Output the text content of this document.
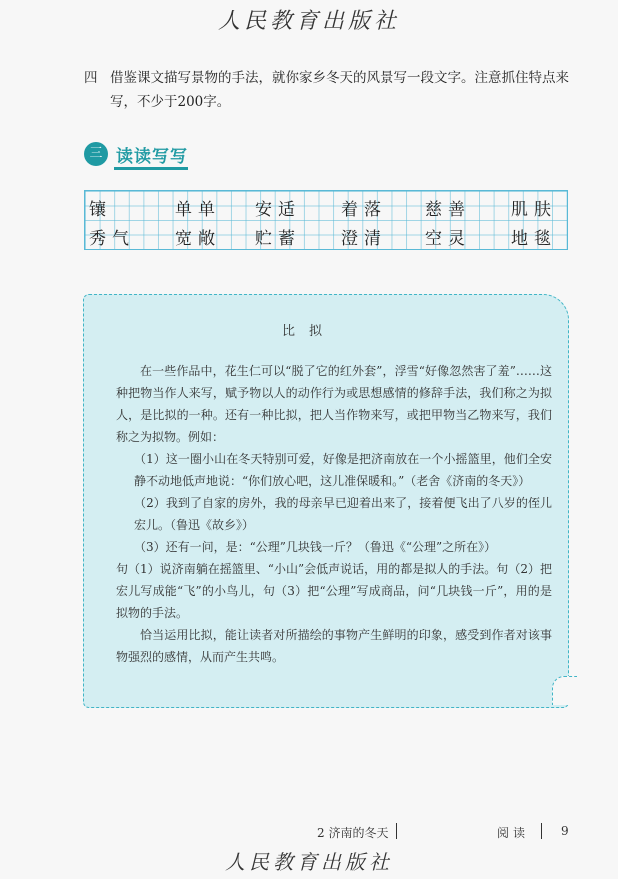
人民教育出版社
四 借鉴课文描写景物的手法，就你家乡冬天的风景写一段文字。注意抓住特点来写，不少于200字。
三 读读写写
镶	单单 安适 着落 慈善 肌肤
秀气 宽敞 贮蓄 澄清 空灵 地毯
比拟

在一些作品中，花生仁可以“脱了它的红外套”，浮雪“好像忽然害了羞”……这种把物当作人来写，赋予物以人的动作行为或思想感情的修辞手法，我们称之为拟人，是比拟的一种。还有一种比拟，把人当作物来写，或把甲物当乙物来写，我们称之为拟物。例如：

（1）这一圈小山在冬天特别可爱，好像是把济南放在一个小摇篮里，他们全安静不动地低声地说：“你们放心吧，这儿准保暖和。”（老舍《济南的冬天》）

（2）我到了自家的房外，我的母亲早已迎着出来了，接着便飞出了八岁的侄儿宏儿。（鲁迅《故乡》）

（3）还有一问，是：“公理”几块钱一斤？（鲁迅《“公理”之所在》）

句（1）说济南躺在摇篮里、“小山”会低声说话，用的都是拟人的手法。句（2）把宏儿写成能“飞”的小鸟儿，句（3）把“公理”写成商品，问“几块钱一斤”，用的是拟物的手法。

恰当运用比拟，能让读者对所描绘的事物产生鲜明的印象，感受到作者对该事物强烈的感情，从而产生共鸣。

2 济南的冬天	阅读	9
人民教育出版社
